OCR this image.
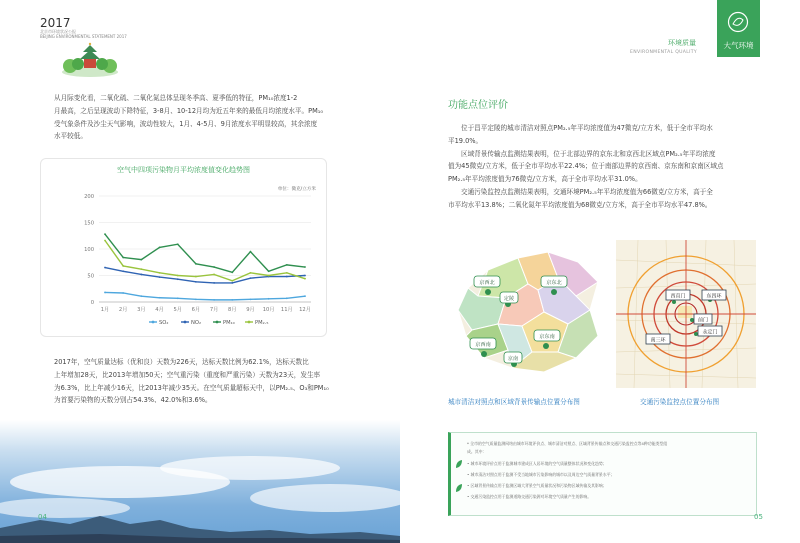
2017
北京市环境状况公报
BEIJING ENVIRONMENTAL STATEMENT 2017
从月际变化看，二氧化硫、二氧化氮总体呈现冬季高、夏季低的特征，PM₁₀浓度1-2
月最高，之后呈现波动下降特征，3-8月、10-12月均为近五年来的最低月均浓度水平。PM₁₀
受气象条件及沙尘天气影响，波动性较大，1月、4-5月、9月浓度水平明显较高，其余浓度
水平较低。
空气中四项污染物月平均浓度值变化趋势图
单位：微克/立方米
0
50
100
150
200
1月 2月 3月 4月 5月 6月 7月 8月 9月 10月 11月 12月
SO₂	NO₂	PM₁₀	PM₂.₅
2017年，空气质量达标（优和良）天数为226天，达标天数比例为62.1%，达标天数比
上年增加28天，比2013年增加50天；空气重污染（重度和严重污染）天数为23天，发生率
为6.3%，比上年减少16天，比2013年减少35天。在空气质量超标天中，以PM₂.₅、O₃和PM₁₀
为首要污染物的天数分别占54.3%、42.0%和3.6%。
04
环境质量
ENVIRONMENTAL QUALITY
大气环境
功能点位评价
位于昌平定陵的城市清洁对照点PM₂.₅年平均浓度值为47微克/立方米，低于全市平均水
平19.0%。
区域背景传输点监测结果表明，位于北部边界的京东北和京西北区域点PM₂.₅年平均浓度
值为45微克/立方米，低于全市平均水平22.4%；位于南部边界的京西南、京东南和京南区域点
PM₂.₅年平均浓度值为76微克/立方米，高于全市平均水平31.0%。
交通污染监控点监测结果表明，交通环境PM₂.₅年平均浓度值为66微克/立方米，高于全
市平均水平13.8%；二氧化氮年平均浓度值为68微克/立方米，高于全市平均水平47.8%。
京西北
定陵
京东北
京西南
京南
京东南
城市清洁对照点和区域背景传输点位置分布图
西直门	东四环
前门
永定门
南三环
交通污染监控点位置分布图
* 全市的空气质量监测网络由城市环境评价点、城市清洁对照点、区域背景传输点和交通污染监控点等4种功能类型组
成。其中：
• 城市环境评价点用于监测城市建成区人居环境的空气质量整体状况和变化趋势；
• 城市清洁对照点用于监测不受当地城市污染影响的城市以及周边空气质量背景水平；
• 区域背景传输点用于监测区域大背景空气质量状况和污染物区域传输及其影响；
• 交通污染监控点用于监测道路交通污染源对环境空气质量产生的影响。
05
